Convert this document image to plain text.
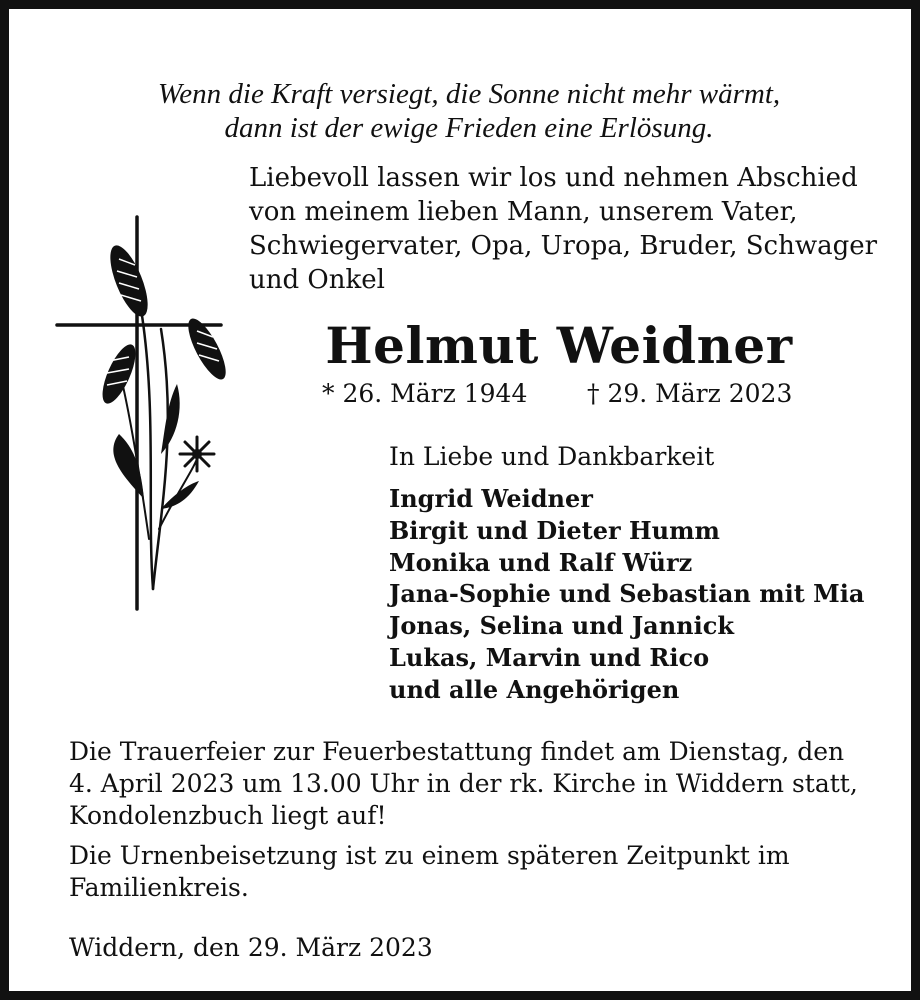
Wenn die Kraft versiegt, die Sonne nicht mehr wärmt,
dann ist der ewige Frieden eine Erlösung.
Liebevoll lassen wir los und nehmen Abschied
von meinem lieben Mann, unserem Vater,
Schwiegervater, Opa, Uropa, Bruder, Schwager
und Onkel
Helmut Weidner
* 26. März 1944 † 29. März 2023
In Liebe und Dankbarkeit
Ingrid Weidner
Birgit und Dieter Humm
Monika und Ralf Würz
Jana-Sophie und Sebastian mit Mia
Jonas, Selina und Jannick
Lukas, Marvin und Rico
und alle Angehörigen
Die Trauerfeier zur Feuerbestattung findet am Dienstag, den
4. April 2023 um 13.00 Uhr in der rk. Kirche in Widdern statt,
Kondolenzbuch liegt auf!
Die Urnenbeisetzung ist zu einem späteren Zeitpunkt im
Familienkreis.
Widdern, den 29. März 2023
